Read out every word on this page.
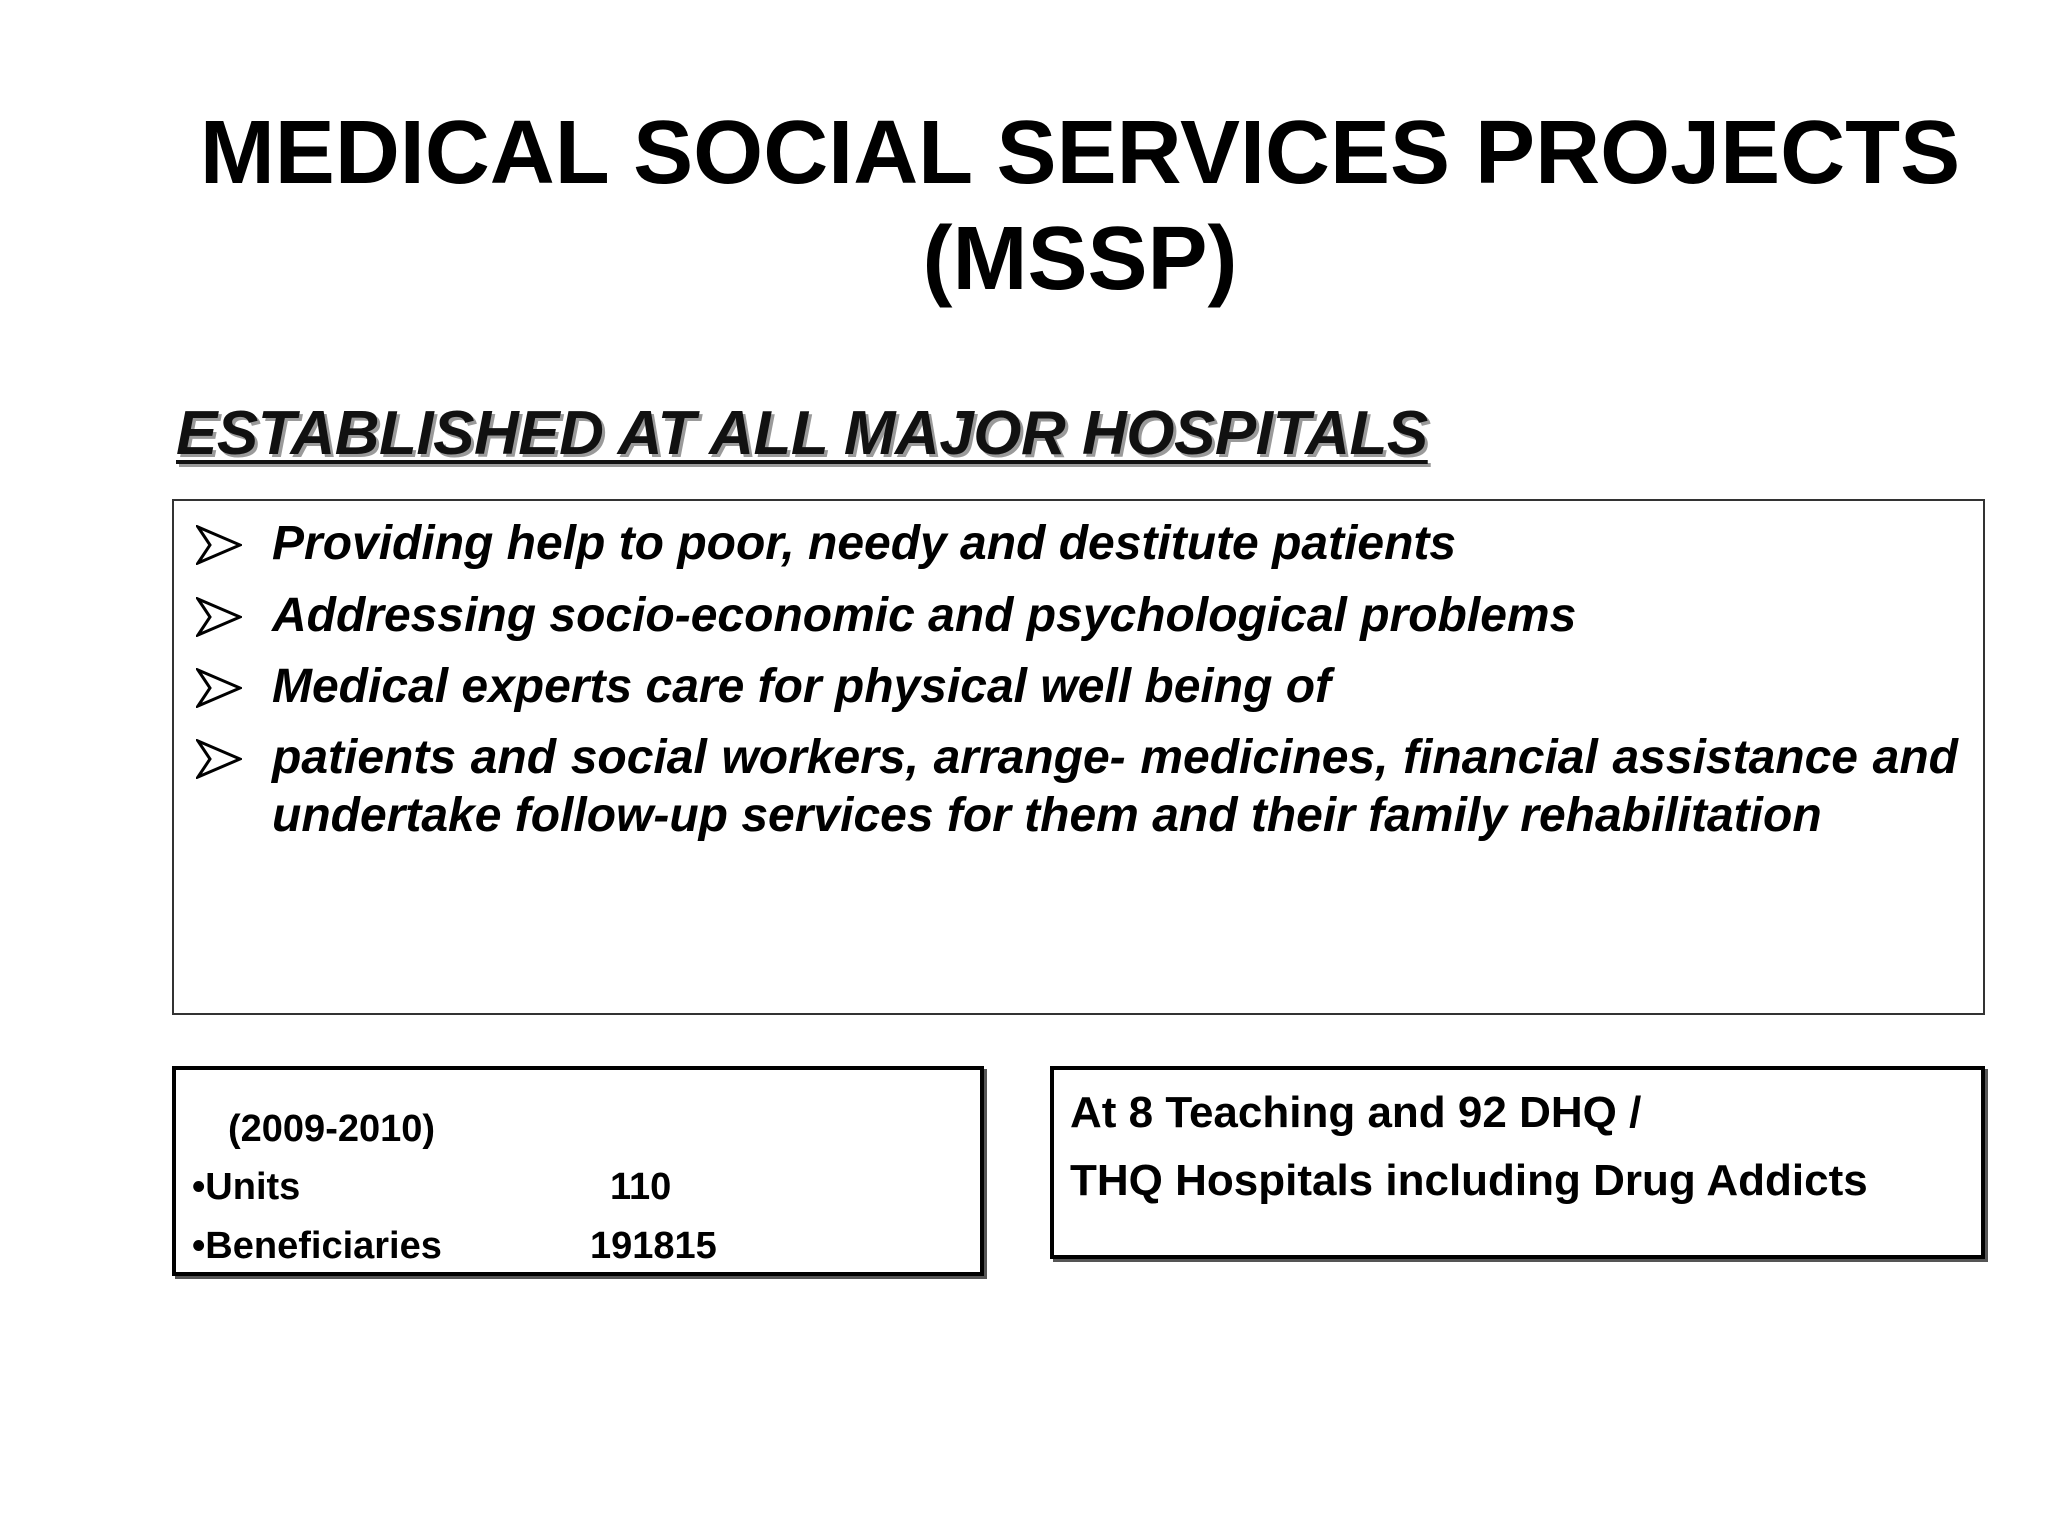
MEDICAL SOCIAL SERVICES PROJECTS
(MSSP)
ESTABLISHED AT ALL MAJOR HOSPITALS

Providing help to poor, needy and destitute patients

Addressing socio-economic and psychological problems

Medical experts care for physical well being of

patients and social workers, arrange- medicines, financial assistance and undertake follow-up services for them and their family rehabilitation

(2009-2010)

•Units	110
•Beneficiaries	191815

At 8 Teaching and 92 DHQ /

THQ Hospitals including Drug Addicts
